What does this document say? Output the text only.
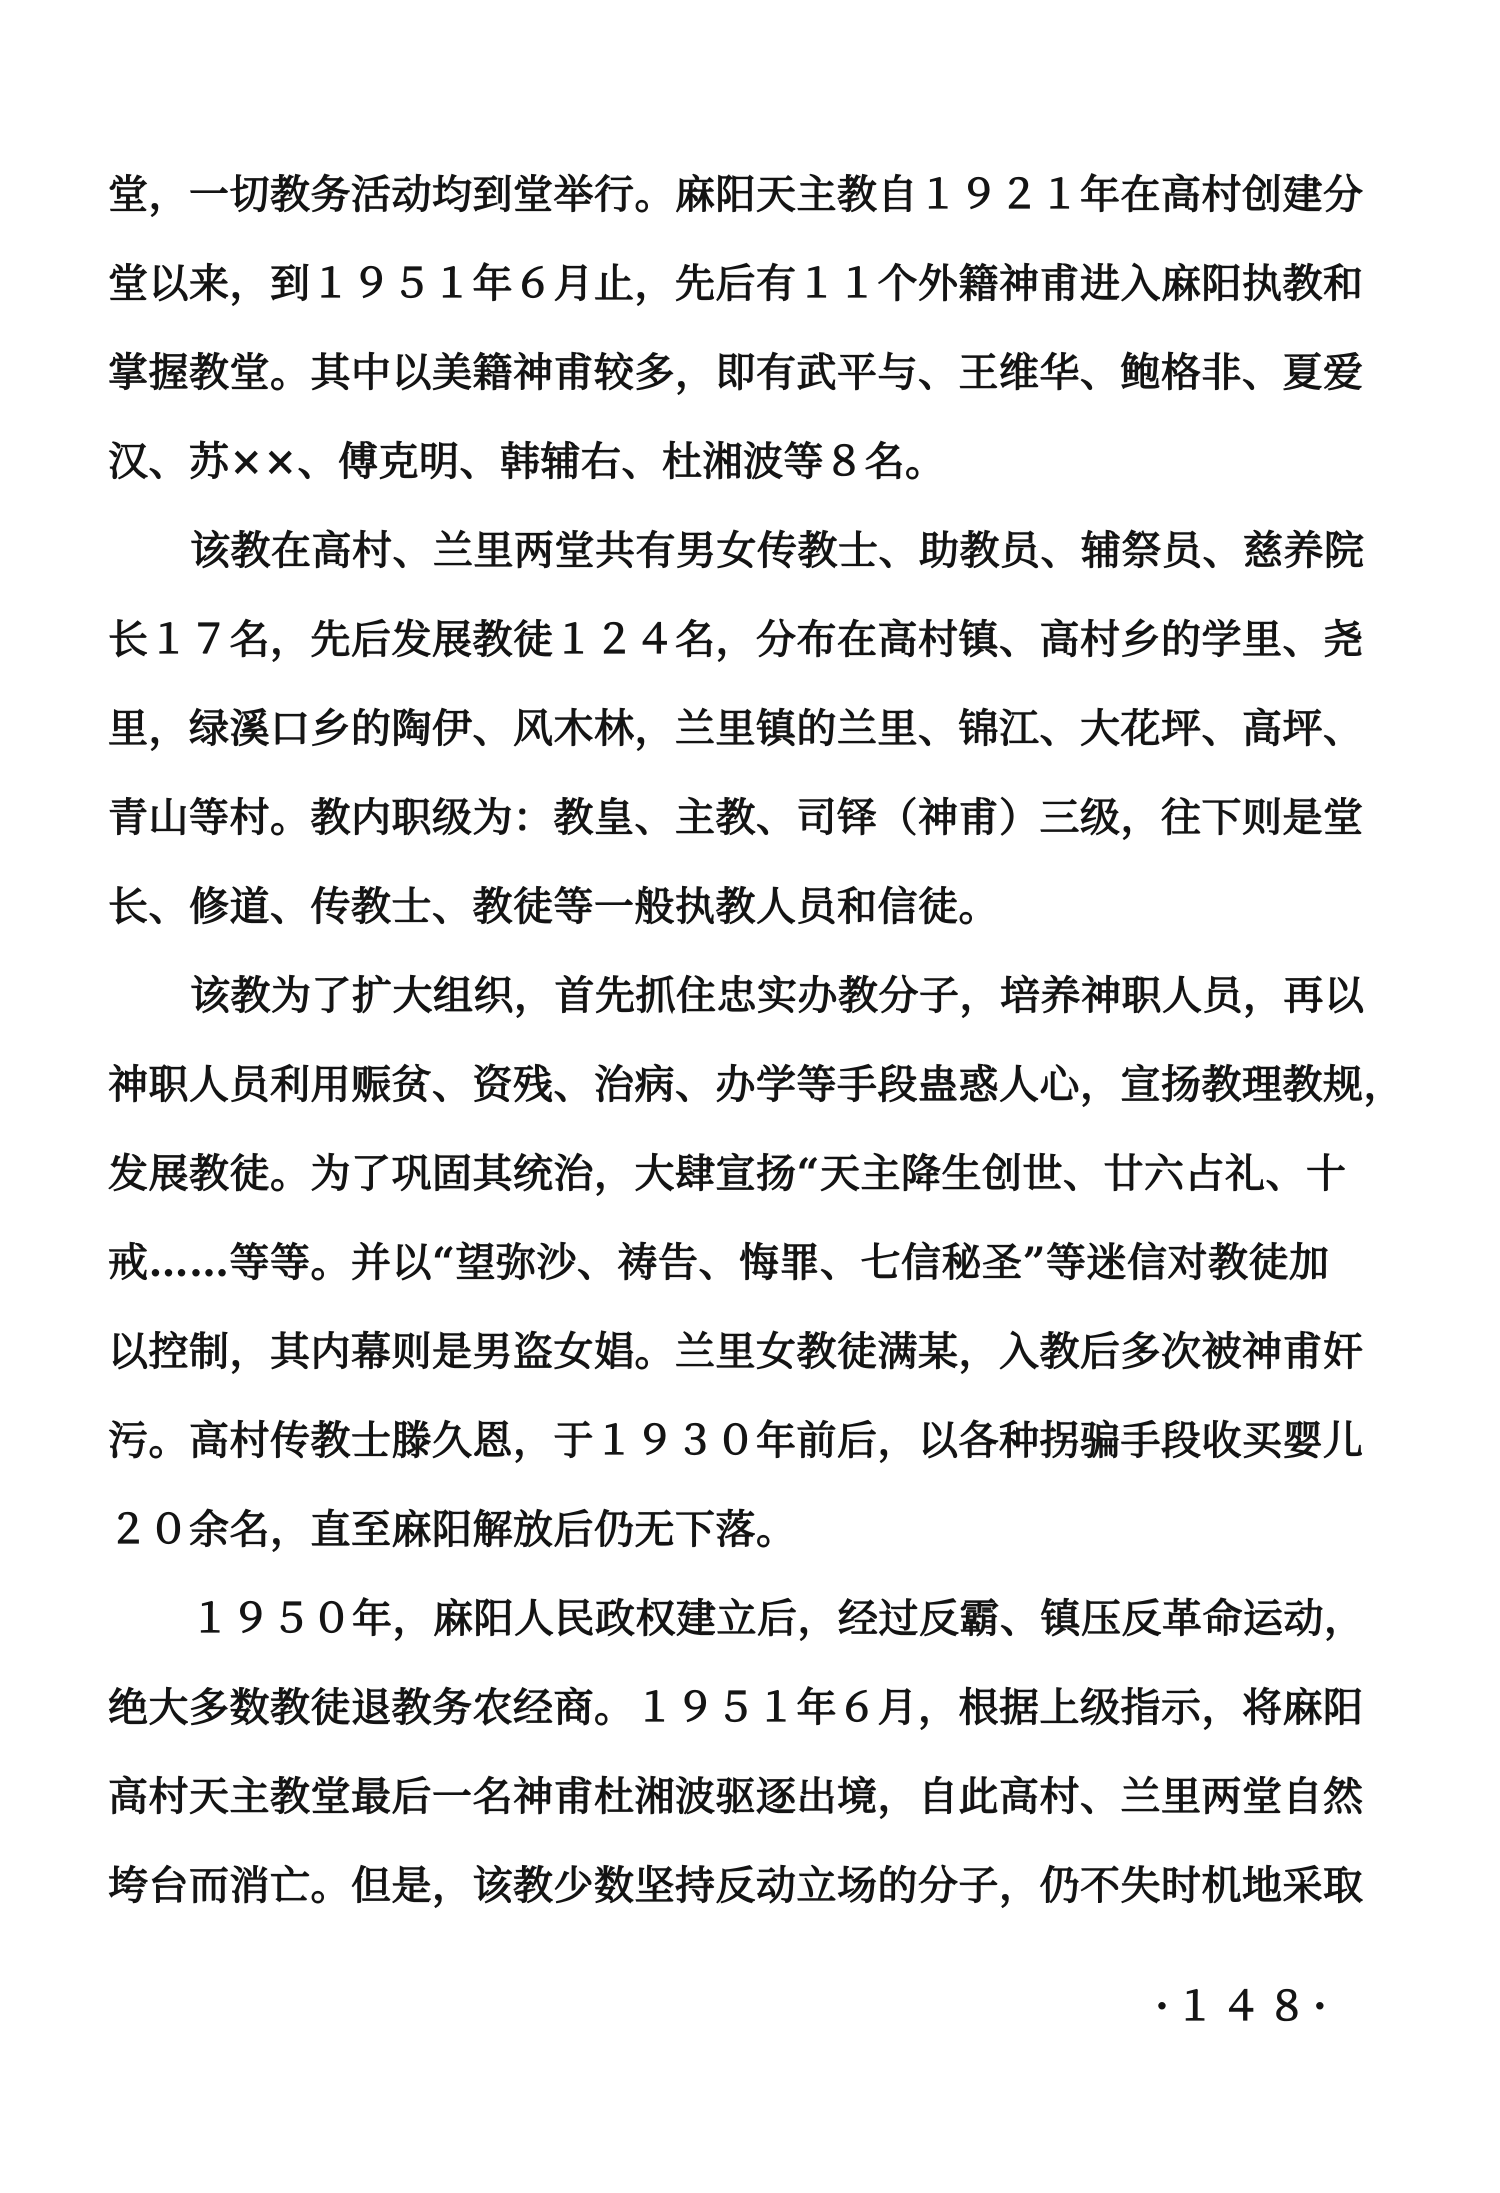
堂，一切教务活动均到堂举行。麻阳天主教自１９２１年在高村创建分
堂以来，到１９５１年６月止，先后有１１个外籍神甫进入麻阳执教和
掌握教堂。其中以美籍神甫较多，即有武平与、王维华、鲍格非、夏爱
汉、苏××、傅克明、韩辅右、杜湘波等８名。
该教在高村、兰里两堂共有男女传教士、助教员、辅祭员、慈养院
长１７名，先后发展教徒１２４名，分布在高村镇、高村乡的学里、尧
里，绿溪口乡的陶伊、风木林，兰里镇的兰里、锦江、大花坪、高坪、
青山等村。教内职级为：教皇、主教、司铎（神甫）三级，往下则是堂
长、修道、传教士、教徒等一般执教人员和信徒。
该教为了扩大组织，首先抓住忠实办教分子，培养神职人员，再以
神职人员利用赈贫、资残、治病、办学等手段蛊惑人心，宣扬教理教规，
发展教徒。为了巩固其统治，大肆宣扬“天主降生创世、廿六占礼、十
戒……等等。并以“望弥沙、祷告、悔罪、七信秘圣”等迷信对教徒加
以控制，其内幕则是男盗女娼。兰里女教徒满某，入教后多次被神甫奸
污。高村传教士滕久恩，于１９３０年前后，以各种拐骗手段收买婴儿
２０余名，直至麻阳解放后仍无下落。
１９５０年，麻阳人民政权建立后，经过反霸、镇压反革命运动，
绝大多数教徒退教务农经商。１９５１年６月，根据上级指示，将麻阳
高村天主教堂最后一名神甫杜湘波驱逐出境，自此高村、兰里两堂自然
垮台而消亡。但是，该教少数坚持反动立场的分子，仍不失时机地采取
·１４８·
